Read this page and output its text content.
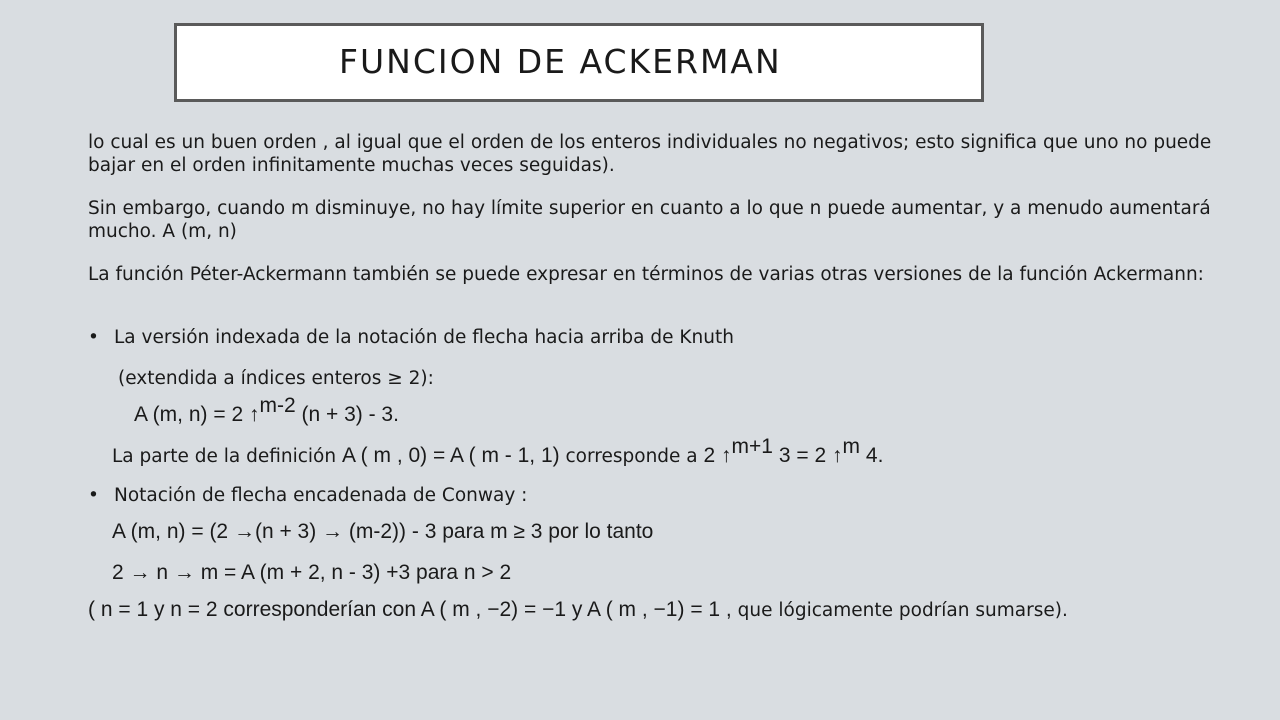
FUNCION DE ACKERMAN

lo cual es un buen orden , al igual que el orden de los enteros individuales no negativos; esto significa que uno no puede bajar en el orden infinitamente muchas veces seguidas).

Sin embargo, cuando m disminuye, no hay límite superior en cuanto a lo que n puede aumentar, y a menudo aumentará mucho. A (m, n)

La función Péter-Ackermann también se puede expresar en términos de varias otras versiones de la función Ackermann:

• La versión indexada de la notación de flecha hacia arriba de Knuth

(extendida a índices enteros ≥ 2):

A (m, n) = 2 ↑$^{m-2}$ (n + 3) - 3.

La parte de la definición A ( m , 0) = A ( m - 1, 1) corresponde a 2 ↑$^{m+1}$ 3 = 2 ↑$^m$ 4.

• Notación de flecha encadenada de Conway :

A (m, n) = (2 →(n + 3) → (m-2)) - 3 para m ≥ 3 por lo tanto

2 → n → m = A (m + 2, n - 3) +3 para n > 2

( n = 1 y n = 2 corresponderían con A ( m , −2) = −1 y A ( m , −1) = 1 , que lógicamente podrían sumarse).
